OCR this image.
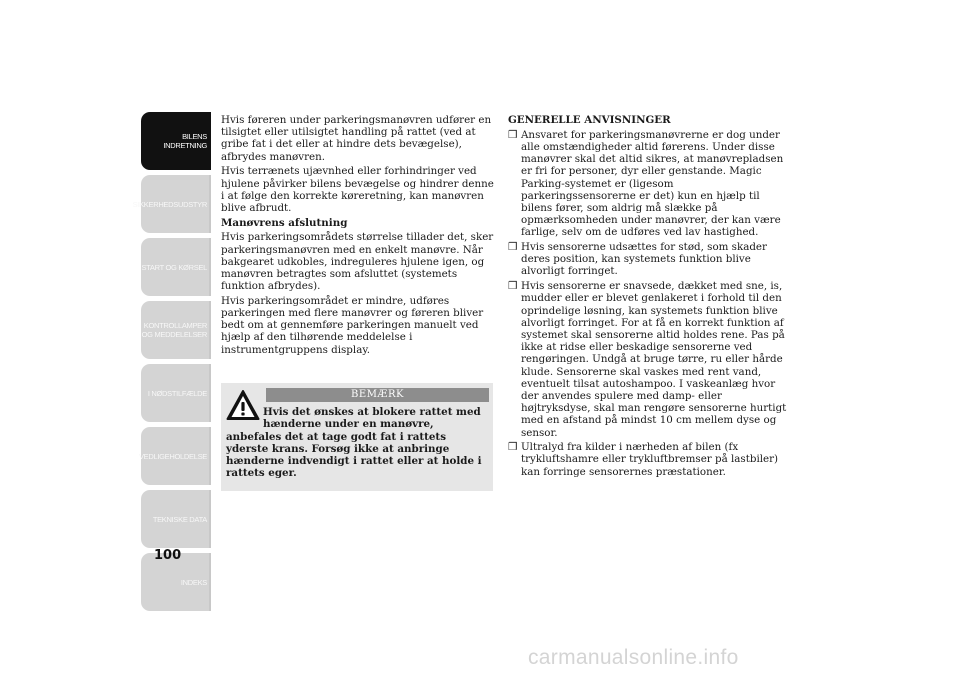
BILENS
INDRETNING
SIKKERHEDSUDSTYR
START OG KØRSEL
KONTROLLAMPER
OG MEDDELELSER
I NØDSTILFÆLDE
VEDLIGEHOLDELSE
TEKNISKE DATA
INDEKS
100

Hvis føreren under parkeringsmanøvren udfører en tilsigtet eller utilsigtet handling på rattet (ved at gribe fat i det eller at hindre dets bevægelse), afbrydes manøvren.

Hvis terrænets ujævnhed eller forhindringer ved hjulene påvirker bilens bevægelse og hindrer denne i at følge den korrekte køreretning, kan manøvren blive afbrudt.

Manøvrens afslutning

Hvis parkeringsområdets størrelse tillader det, sker parkeringsmanøvren med en enkelt manøvre. Når bakgearet udkobles, indreguleres hjulene igen, og manøvren betragtes som afsluttet (systemets funktion afbrydes).

Hvis parkeringsområdet er mindre, udføres parkeringen med flere manøvrer og føreren bliver bedt om at gennemføre parkeringen manuelt ved hjælp af den tilhørende meddelelse i instrumentgruppens display.

BEMÆRK
Hvis det ønskes at blokere rattet med hænderne under en manøvre, anbefales det at tage godt fat i rattets yderste krans. Forsøg ikke at anbringe hænderne indvendigt i rattet eller at holde i rattets eger.

GENERELLE ANVISNINGER

❒ Ansvaret for parkeringsmanøvrerne er dog under alle omstændigheder altid førerens. Under disse manøvrer skal det altid sikres, at manøvrepladsen er fri for personer, dyr eller genstande. Magic Parking-systemet er (ligesom parkeringssensorerne er det) kun en hjælp til bilens fører, som aldrig må slække på opmærksomheden under manøvrer, der kan være farlige, selv om de udføres ved lav hastighed.

❒ Hvis sensorerne udsættes for stød, som skader deres position, kan systemets funktion blive alvorligt forringet.

❒ Hvis sensorerne er snavsede, dækket med sne, is, mudder eller er blevet genlakeret i forhold til den oprindelige løsning, kan systemets funktion blive alvorligt forringet. For at få en korrekt funktion af systemet skal sensorerne altid holdes rene. Pas på ikke at ridse eller beskadige sensorerne ved rengøringen. Undgå at bruge tørre, ru eller hårde klude. Sensorerne skal vaskes med rent vand, eventuelt tilsat autoshampoo. I vaskeanlæg hvor der anvendes spulere med damp- eller højtryksdyse, skal man rengøre sensorerne hurtigt med en afstand på mindst 10 cm mellem dyse og sensor.

❒ Ultralyd fra kilder i nærheden af bilen (fx trykluftshamre eller trykluftbremser på lastbiler) kan forringe sensorernes præstationer.

carmanualsonline.info
